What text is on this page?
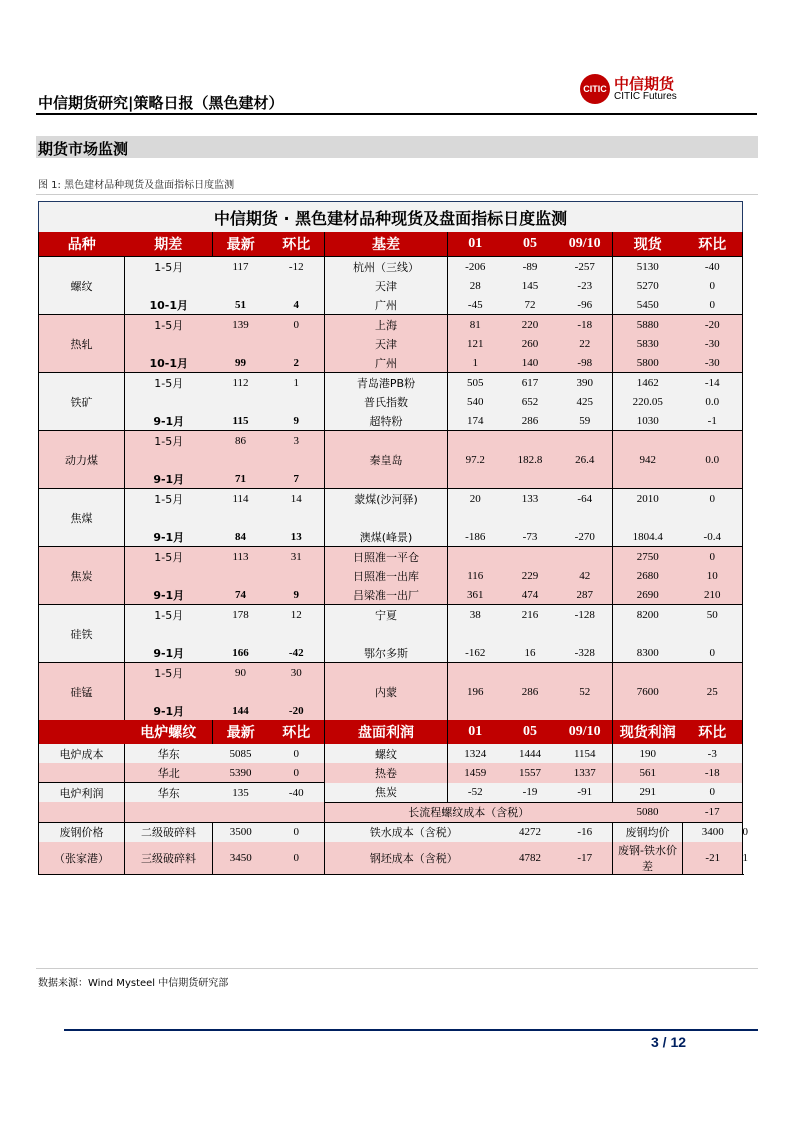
中信期货研究|策略日报（黑色建材）
CITIC 中信期货
CITIC Futures
期货市场监测
图 1: 黑色建材品种现货及盘面指标日度监测
中信期货 · 黑色建材品种现货及盘面指标日度监测										
品种	期差	最新	环比	基差	01	05	09/10	现货	环比	
螺纹	1-5月	117	-12	杭州（三线）	-206	-89	-257	5130	-40	
				天津	28	145	-23	5270	0	
	10-1月	51	4	广州	-45	72	-96	5450	0	
热轧	1-5月	139	0	上海	81	220	-18	5880	-20	
				天津	121	260	22	5830	-30	
	10-1月	99	2	广州	1	140	-98	5800	-30	
铁矿	1-5月	112	1	青岛港PB粉	505	617	390	1462	-14	
				普氏指数	540	652	425	220.05	0.0	
	9-1月	115	9	超特粉	174	286	59	1030	-1	
动力煤	1-5月	86	3	秦皇岛	97.2	182.8	26.4	942	0.0	

	9-1月	71	7							
焦煤	1-5月	114	14	蒙煤(沙河驿)	20	133	-64	2010	0	

	9-1月	84	13	澳煤(峰景)	-186	-73	-270	1804.4	-0.4	
焦炭	1-5月	113	31	日照准一平仓				2750	0	
				日照准一出库	116	229	42	2680	10	
	9-1月	74	9	吕梁准一出厂	361	474	287	2690	210	
硅铁	1-5月	178	12	宁夏	38	216	-128	8200	50	

	9-1月	166	-42	鄂尔多斯	-162	16	-328	8300	0	
硅锰	1-5月	90	30	内蒙	196	286	52	7600	25	

	9-1月	144	-20							
	电炉螺纹	最新	环比	盘面利润	01	05	09/10	现货利润	环比	
电炉成本	华东	5085	0	螺纹	1324	1444	1154	190	-3	
	华北	5390	0	热卷	1459	1557	1337	561	-18	
电炉利润	华东	135	-40	焦炭	-52	-19	-91	291	0	
				长流程螺纹成本（含税）				5080	-17	
废钢价格	二级破碎料	3500	0	铁水成本（含税）		4272	-16	废钢均价	3400	0
（张家港）	三级破碎料	3450	0	钢坯成本（含税）		4782	-17	废钢-铁水价差	-21	1
数据来源：Wind Mysteel 中信期货研究部
3 / 12
